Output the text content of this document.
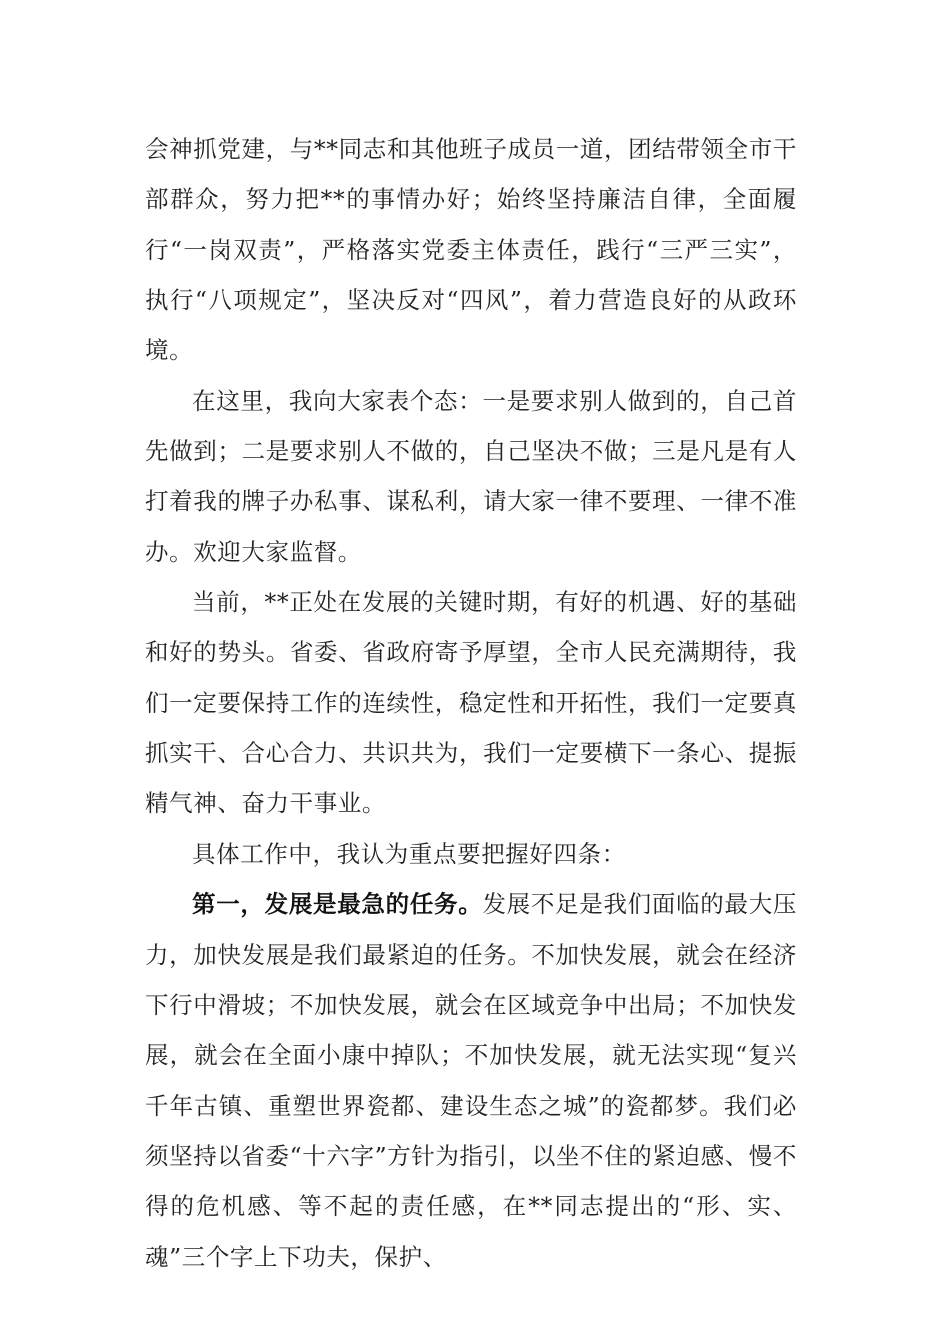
会神抓党建，与**同志和其他班子成员一道，团结带领全市干部群众，努力把**的事情办好；始终坚持廉洁自律，全面履行“一岗双责”，严格落实党委主体责任，践行“三严三实”，执行“八项规定”，坚决反对“四风”，着力营造良好的从政环境。

在这里，我向大家表个态：一是要求别人做到的，自己首先做到；二是要求别人不做的，自己坚决不做；三是凡是有人打着我的牌子办私事、谋私利，请大家一律不要理、一律不准办。欢迎大家监督。

当前，**正处在发展的关键时期，有好的机遇、好的基础和好的势头。省委、省政府寄予厚望，全市人民充满期待，我们一定要保持工作的连续性，稳定性和开拓性，我们一定要真抓实干、合心合力、共识共为，我们一定要横下一条心、提振精气神、奋力干事业。

具体工作中，我认为重点要把握好四条：

第一，发展是最急的任务。发展不足是我们面临的最大压力，加快发展是我们最紧迫的任务。不加快发展，就会在经济下行中滑坡；不加快发展，就会在区域竞争中出局；不加快发展，就会在全面小康中掉队；不加快发展，就无法实现“复兴千年古镇、重塑世界瓷都、建设生态之城”的瓷都梦。我们必须坚持以省委“十六字”方针为指引，以坐不住的紧迫感、慢不得的危机感、等不起的责任感，在**同志提出的“形、实、魂”三个字上下功夫，保护、
